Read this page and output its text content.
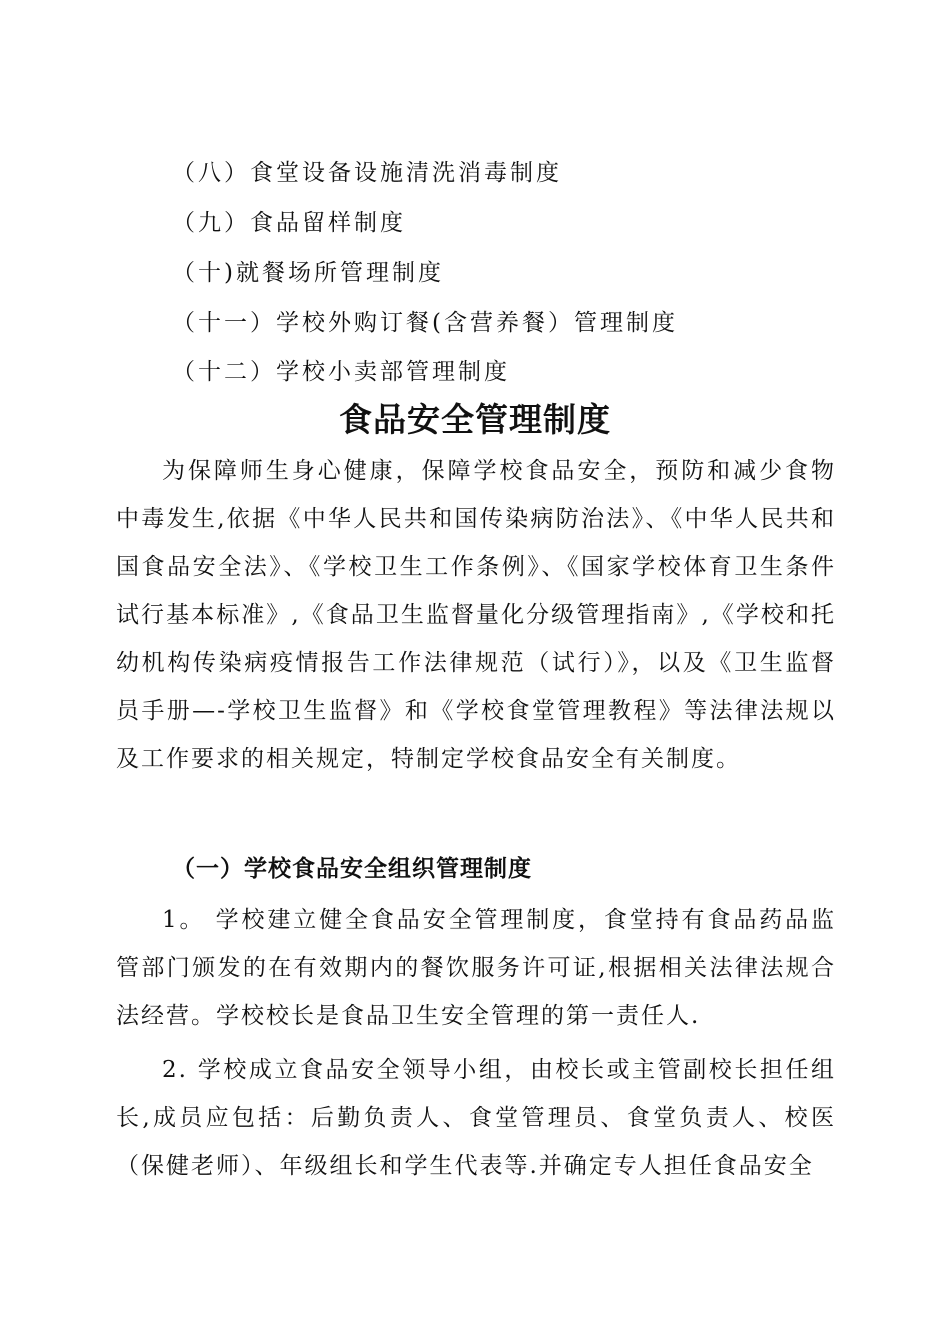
（八）食堂设备设施清洗消毒制度
（九）食品留样制度
（十)就餐场所管理制度
（十一）学校外购订餐(含营养餐）管理制度
（十二）学校小卖部管理制度
食品安全管理制度

为保障师生身心健康，保障学校食品安全，预防和减少食物中毒发生,依据《中华人民共和国传染病防治法》、《中华人民共和国食品安全法》、《学校卫生工作条例》、《国家学校体育卫生条件试行基本标准》,《食品卫生监督量化分级管理指南》,《学校和托幼机构传染病疫情报告工作法律规范（试行）》，以及《卫生监督员手册—-学校卫生监督》和《学校食堂管理教程》等法律法规以及工作要求的相关规定，特制定学校食品安全有关制度。

（一）学校食品安全组织管理制度

1。 学校建立健全食品安全管理制度，食堂持有食品药品监管部门颁发的在有效期内的餐饮服务许可证,根据相关法律法规合法经营。学校校长是食品卫生安全管理的第一责任人.

2. 学校成立食品安全领导小组，由校长或主管副校长担任组长,成员应包括：后勤负责人、食堂管理员、食堂负责人、校医（保健老师）、年级组长和学生代表等.并确定专人担任食品安全
